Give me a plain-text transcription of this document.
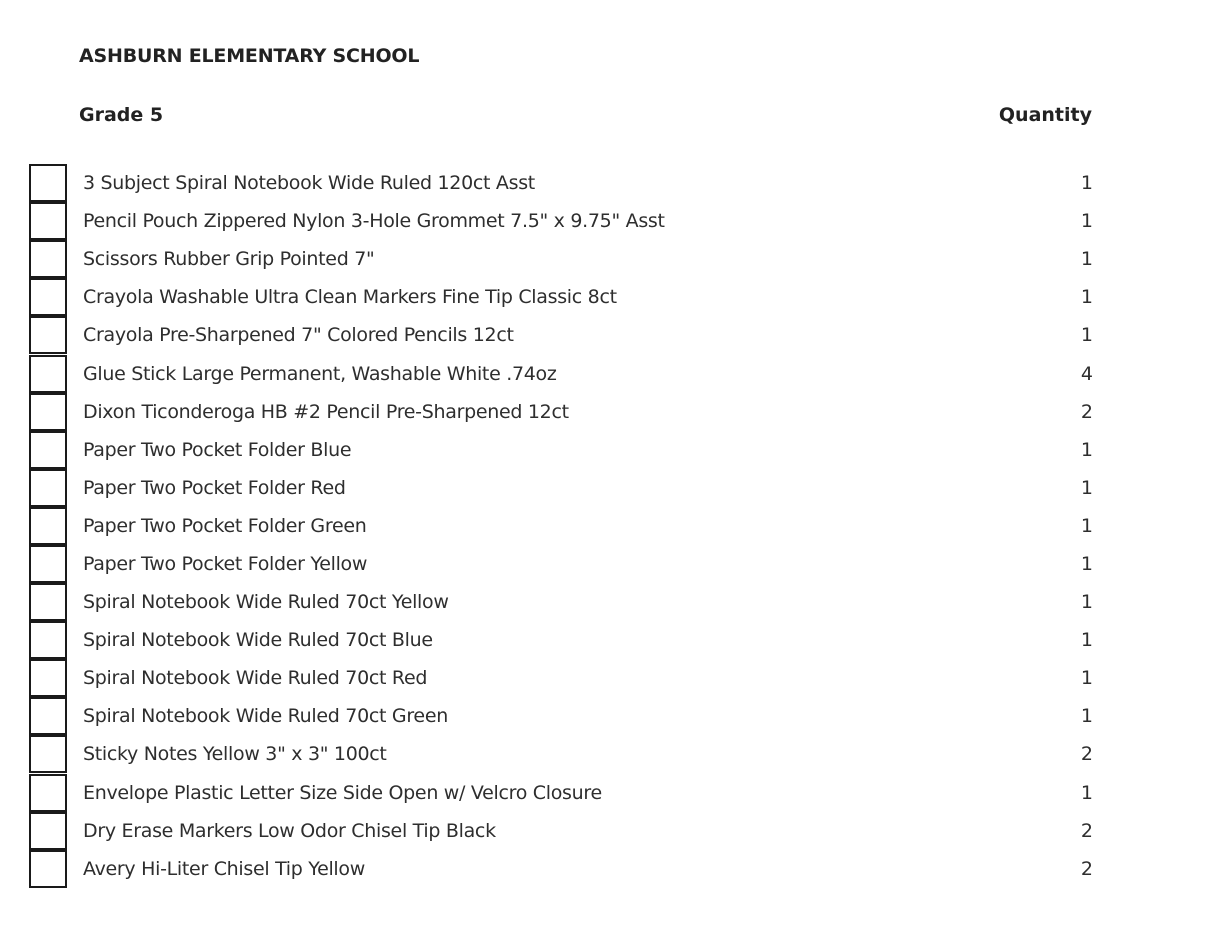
ASHBURN ELEMENTARY SCHOOL
Grade 5	Quantity
3 Subject Spiral Notebook Wide Ruled 120ct Asst	1
Pencil Pouch Zippered Nylon 3-Hole Grommet 7.5" x 9.75" Asst	1
Scissors Rubber Grip Pointed 7"	1
Crayola Washable Ultra Clean Markers Fine Tip Classic 8ct	1
Crayola Pre-Sharpened 7" Colored Pencils 12ct	1
Glue Stick Large Permanent, Washable White .74oz	4
Dixon Ticonderoga HB #2 Pencil Pre-Sharpened 12ct	2
Paper Two Pocket Folder Blue	1
Paper Two Pocket Folder Red	1
Paper Two Pocket Folder Green	1
Paper Two Pocket Folder Yellow	1
Spiral Notebook Wide Ruled 70ct Yellow	1
Spiral Notebook Wide Ruled 70ct Blue	1
Spiral Notebook Wide Ruled 70ct Red	1
Spiral Notebook Wide Ruled 70ct Green	1
Sticky Notes Yellow 3" x 3" 100ct	2
Envelope Plastic Letter Size Side Open w/ Velcro Closure	1
Dry Erase Markers Low Odor Chisel Tip Black	2
Avery Hi-Liter Chisel Tip Yellow	2
